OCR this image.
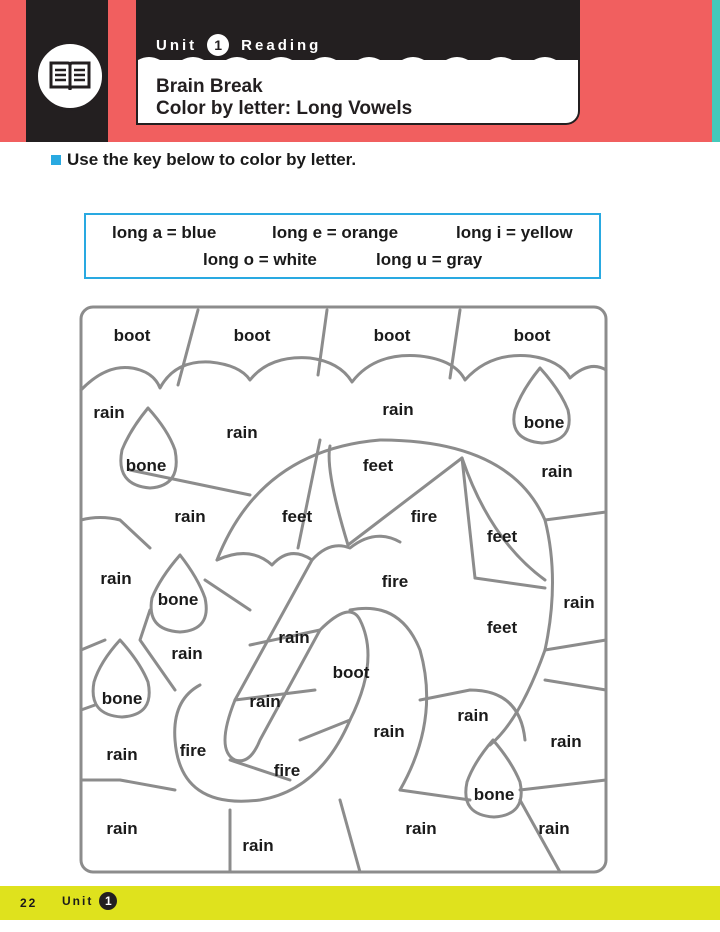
Unit	1	Reading
Brain Break
Color by letter: Long Vowels
Use the key below to color by letter.
long a = blue	long e = orange	long i = yellow
long o = white	long u = gray
boot	boot	boot	boot
rain
rain
rain
bone
bone	feet	rain
rain	feet	fire
feet
rain
bone
fire
rain
rain
feet
rain
boot
bone	rain
rain
rain
rain
fire
rain
fire
bone
rain	rain	rain
rain
22 Unit 1
